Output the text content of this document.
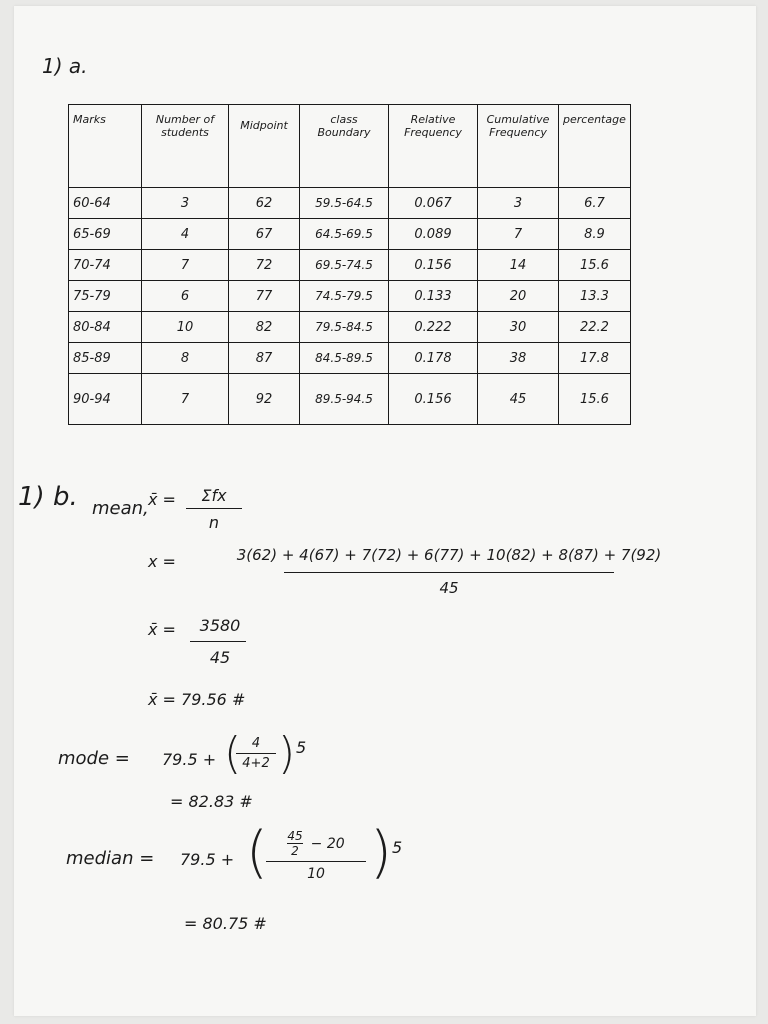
1) a.
Marks	Number of students	Midpoint	class Boundary	Relative Frequency	Cumulative Frequency	percentage
60-64	3	62	59.5-64.5	0.067	3	6.7
65-69	4	67	64.5-69.5	0.089	7	8.9
70-74	7	72	69.5-74.5	0.156	14	15.6
75-79	6	77	74.5-79.5	0.133	20	13.3
80-84	10	82	79.5-84.5	0.222	30	22.2
85-89	8	87	84.5-89.5	0.178	38	17.8
90-94	7	92	89.5-94.5	0.156	45	15.6
1) b. mean, x̄ =	Σfx
n
x =	3(62) + 4(67) + 7(72) + 6(77) + 10(82) + 8(87) + 7(92)
45
x̄ =	3580
45
x̄ = 79.56 #
mode = 79.5 + ( 4
4+2 ) 5
= 82.83 #
median = 79.5 + ( 45
2 − 20
10 ) 5
= 80.75 #
